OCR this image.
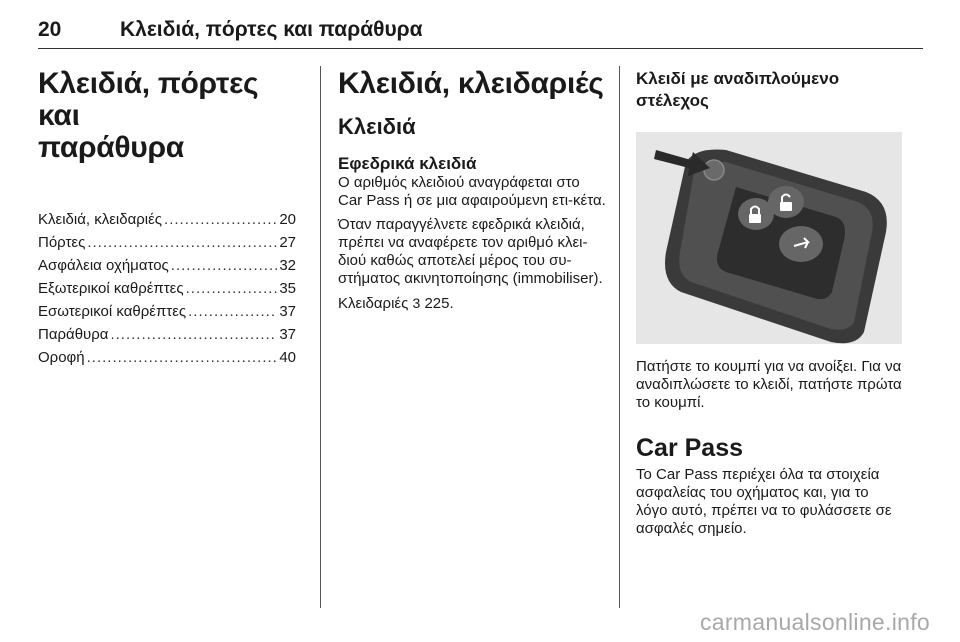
20	Κλειδιά, πόρτες και παράθυρα
Κλειδιά, πόρτες και
παράθυρα
Κλειδιά, κλειδαριές .....	20
Πόρτες .....	27
Ασφάλεια οχήματος .....	32
Εξωτερικοί καθρέπτες .....	35
Εσωτερικοί καθρέπτες .....	37
Παράθυρα .....	37
Οροφή .....	40
Κλειδιά, κλειδαριές
Κλειδιά
Εφεδρικά κλειδιά

Ο αριθμός κλειδιού αναγράφεται στο Car Pass ή σε μια αφαιρούμενη ετι-κέτα.

Όταν παραγγέλνετε εφεδρικά κλειδιά, πρέπει να αναφέρετε τον αριθμό κλει-διού καθώς αποτελεί μέρος του συ-στήματος ακινητοποίησης (immobiliser).

Κλειδαριές 3 225.

Κλειδί με αναδιπλούμενο
στέλεχος

Πατήστε το κουμπί για να ανοίξει. Για να αναδιπλώσετε το κλειδί, πατήστε πρώτα το κουμπί.

Car Pass

Το Car Pass περιέχει όλα τα στοιχεία ασφαλείας του οχήματος και, για το λόγο αυτό, πρέπει να το φυλάσσετε σε ασφαλές σημείο.

carmanualsonline.info
